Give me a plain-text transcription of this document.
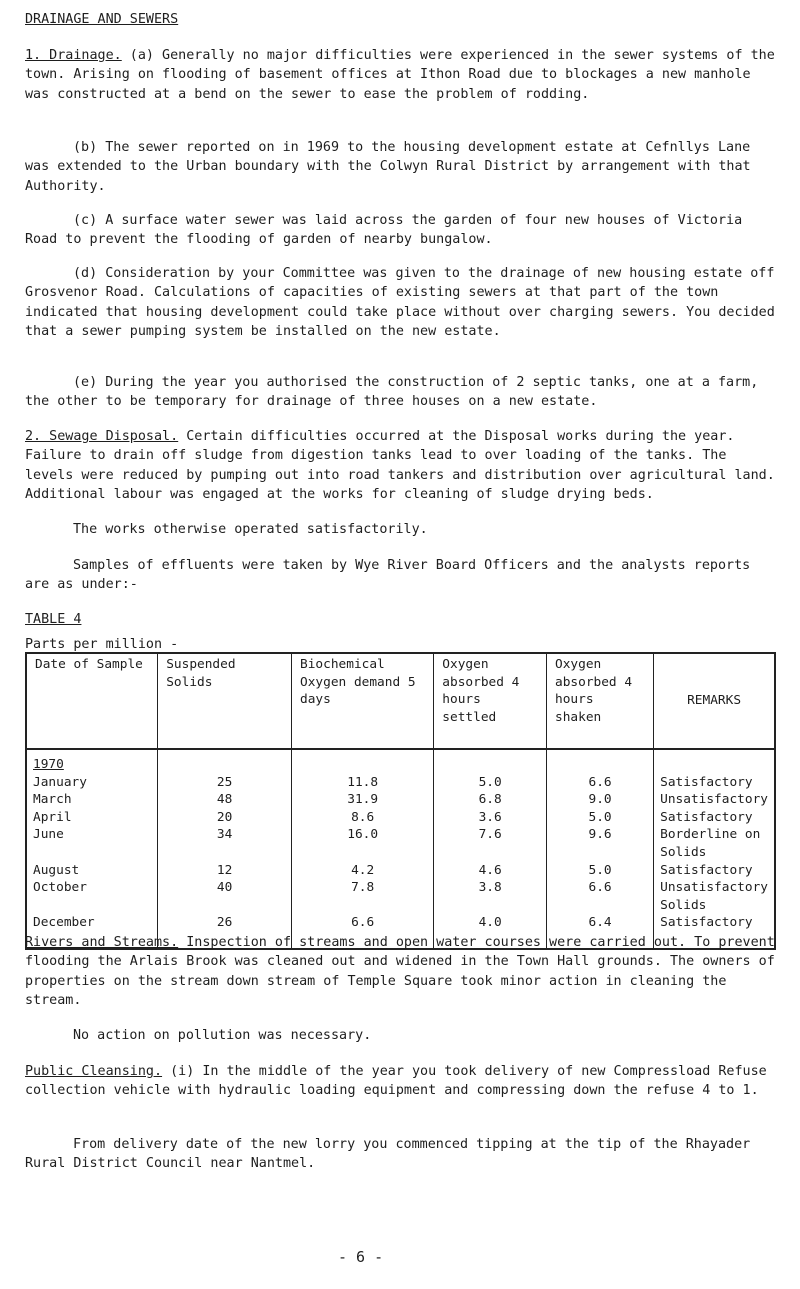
DRAINAGE AND SEWERS

1. Drainage. (a) Generally no major difficulties were experienced in the sewer systems of the town. Arising on flooding of basement offices at Ithon Road due to blockages a new manhole was constructed at a bend on the sewer to ease the problem of rodding.

(b) The sewer reported on in 1969 to the housing development estate at Cefnllys Lane was extended to the Urban boundary with the Colwyn Rural District by arrangement with that Authority.

(c) A surface water sewer was laid across the garden of four new houses of Victoria Road to prevent the flooding of garden of nearby bungalow.

(d) Consideration by your Committee was given to the drainage of new housing estate off Grosvenor Road. Calculations of capacities of existing sewers at that part of the town indicated that housing development could take place without over charging sewers. You decided that a sewer pumping system be installed on the new estate.

(e) During the year you authorised the construction of 2 septic tanks, one at a farm, the other to be temporary for drainage of three houses on a new estate.

2. Sewage Disposal. Certain difficulties occurred at the Disposal works during the year. Failure to drain off sludge from digestion tanks lead to over loading of the tanks. The levels were reduced by pumping out into road tankers and distribution over agricultural land. Additional labour was engaged at the works for cleaning of sludge drying beds.

The works otherwise operated satisfactorily.

Samples of effluents were taken by Wye River Board Officers and the analysts reports are as under:-

TABLE 4

Parts per million -

Date of Sample	Suspended Solids	Biochemical Oxygen demand 5 days	Oxygen absorbed 4 hours settled	Oxygen absorbed 4 hours shaken	REMARKS
1970					
January	25	11.8	5.0	6.6	Satisfactory
March	48	31.9	6.8	9.0	Unsatisfactory
April	20	8.6	3.6	5.0	Satisfactory
June	34	16.0	7.6	9.6	Borderline on Solids
August	12	4.2	4.6	5.0	Satisfactory
October	40	7.8	3.8	6.6	Unsatisfactory Solids
December	26	6.6	4.0	6.4	Satisfactory

Rivers and Streams. Inspection of streams and open water courses were carried out. To prevent flooding the Arlais Brook was cleaned out and widened in the Town Hall grounds. The owners of properties on the stream down stream of Temple Square took minor action in cleaning the stream.

No action on pollution was necessary.

Public Cleansing. (i) In the middle of the year you took delivery of new Compressload Refuse collection vehicle with hydraulic loading equipment and compressing down the refuse 4 to 1.

From delivery date of the new lorry you commenced tipping at the tip of the Rhayader Rural District Council near Nantmel.

- 6 -
